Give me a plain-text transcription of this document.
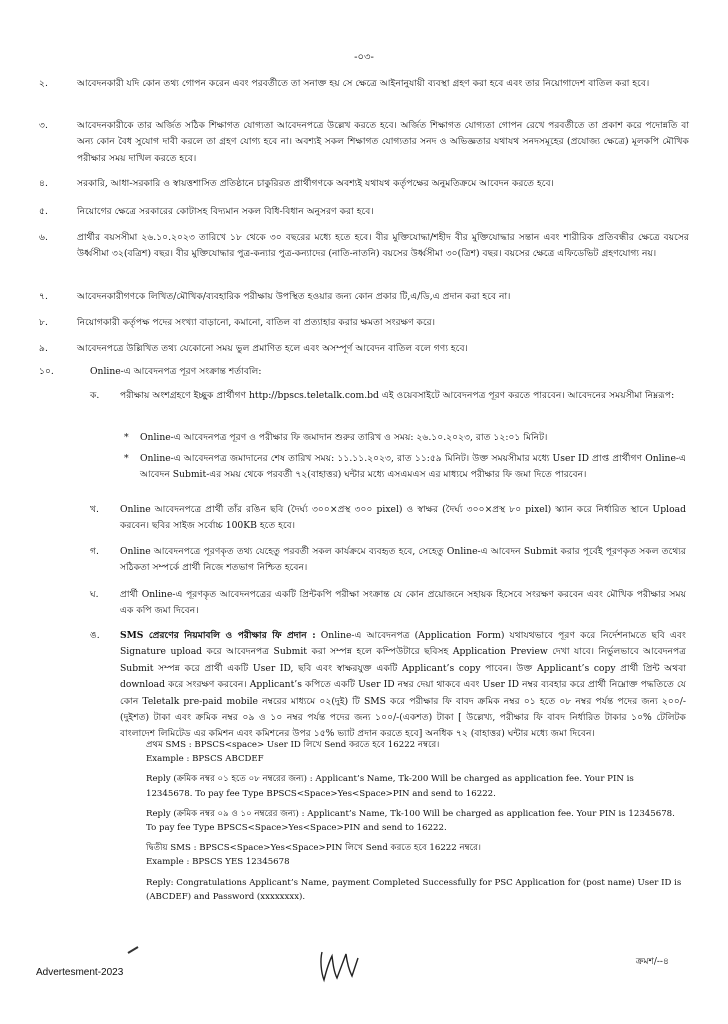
-০৩-
২.	আবেদনকারী যদি কোন তথ্য গোপন করেন এবং পরবর্তীতে তা সনাক্ত হয় সে ক্ষেত্রে আইনানুযায়ী ব্যবস্থা গ্রহণ করা হবে এবং তার নিয়োগাদেশ বাতিল করা হবে।
৩.	আবেদনকারীকে তার অর্জিত সঠিক শিক্ষাগত যোগ্যতা আবেদনপত্রে উল্লেখ করতে হবে। অর্জিত শিক্ষাগত যোগ্যতা গোপন রেখে পরবর্তীতে তা প্রকাশ করে পদোন্নতি বা অন্য কোন বৈধ সুযোগ দাবী করলে তা গ্রহণ যোগ্য হবে না। অবশ্যই সকল শিক্ষাগত যোগ্যতার সনদ ও অভিজ্ঞতার যথাযথ সনদসমূহের (প্রযোজ্য ক্ষেত্রে) মূলকপি মৌখিক পরীক্ষার সময় দাখিল করতে হবে।
৪.	সরকারি, আধা-সরকারি ও স্বায়ত্তশাসিত প্রতিষ্ঠানে চাকুরিরত প্রার্থীগণকে অবশ্যই যথাযথ কর্তৃপক্ষের অনুমতিক্রমে আবেদন করতে হবে।
৫.	নিয়োগের ক্ষেত্রে সরকারের কোটাসহ বিদ্যমান সকল বিধি-বিধান অনুসরণ করা হবে।
৬.	প্রার্থীর বয়সসীমা ২৬.১০.২০২৩ তারিখে ১৮ থেকে ৩০ বছরের মধ্যে হতে হবে। বীর মুক্তিযোদ্ধা/শহীদ বীর মুক্তিযোদ্ধার সন্তান এবং শারীরিক প্রতিবন্ধীর ক্ষেত্রে বয়সের উর্ধ্বসীমা ৩২(বত্রিশ) বছর। বীর মুক্তিযোদ্ধার পুত্র-কন্যার পুত্র-কন্যাদের (নাতি-নাতনি) বয়সের উর্ধ্বসীমা ৩০(ত্রিশ) বছর। বয়সের ক্ষেত্রে এফিডেভিট গ্রহণযোগ্য নয়।
৭.	আবেদনকারীগণকে লিখিত/মৌখিক/ব্যবহারিক পরীক্ষায় উপস্থিত হওয়ার জন্য কোন প্রকার টি,এ/ডি,এ প্রদান করা হবে না।
৮.	নিয়োগকারী কর্তৃপক্ষ পদের সংখ্যা বাড়ানো, কমানো, বাতিল বা প্রত্যাহার করার ক্ষমতা সংরক্ষণ করে।
৯.	আবেদনপত্রে উল্লিখিত তথ্য যেকোনো সময় ভুল প্রমাণিত হলে এবং অসম্পূর্ণ আবেদন বাতিল বলে গণ্য হবে।
১০.	Online-এ আবেদনপত্র পূরণ সংক্রান্ত শর্তাবলি:
ক. পরীক্ষায় অংশগ্রহণে ইচ্ছুক প্রার্থীগণ http://bpscs.teletalk.com.bd এই ওয়েবসাইটে আবেদনপত্র পূরণ করতে পারবেন। আবেদনের সময়সীমা নিম্নরূপ:
* Online-এ আবেদনপত্র পূরণ ও পরীক্ষার ফি জমাদান শুরুর তারিখ ও সময়: ২৬.১০.২০২৩, রাত ১২:০১ মিনিট।
* Online-এ আবেদনপত্র জমাদানের শেষ তারিখ সময়: ১১.১১.২০২৩, রাত ১১:৫৯ মিনিট। উক্ত সময়সীমার মধ্যে User ID প্রাপ্ত প্রার্থীগণ Online-এ আবেদন Submit-এর সময় থেকে পরবর্তী ৭২(বাহাত্তর) ঘন্টার মধ্যে এসএমএস এর মাধ্যমে পরীক্ষার ফি জমা দিতে পারবেন।
খ. Online আবেদনপত্রে প্রার্থী তাঁর রঙিন ছবি (দৈর্ঘ্য ৩০০×প্রস্থ ৩০০ pixel) ও স্বাক্ষর (দৈর্ঘ্য ৩০০×প্রস্থ ৮০ pixel) স্ক্যান করে নির্ধারিত স্থানে Upload করবেন। ছবির সাইজ সর্বোচ্চ 100KB হতে হবে।
গ. Online আবেদনপত্রে পূরণকৃত তথ্য যেহেতু পরবর্তী সকল কার্যক্রমে ব্যবহৃত হবে, সেহেতু Online-এ আবেদন Submit করার পূর্বেই পূরণকৃত সকল তথ্যের সঠিকতা সম্পর্কে প্রার্থী নিজে শতভাগ নিশ্চিত হবেন।
ঘ. প্রার্থী Online-এ পূরণকৃত আবেদনপত্রের একটি প্রিন্টকপি পরীক্ষা সংক্রান্ত যে কোন প্রয়োজনে সহায়ক হিসেবে সংরক্ষণ করবেন এবং মৌখিক পরীক্ষার সময় এক কপি জমা দিবেন।
ঙ. SMS প্রেরণের নিয়মাবলি ও পরীক্ষার ফি প্রদান : Online-এ আবেদনপত্র (Application Form) যথাযথভাবে পূরণ করে নির্দেশনামতে ছবি এবং Signature upload করে আবেদনপত্র Submit করা সম্পন্ন হলে কম্পিউটারে ছবিসহ Application Preview দেখা যাবে। নির্ভুলভাবে আবেদনপত্র Submit সম্পন্ন করে প্রার্থী একটি User ID, ছবি এবং স্বাক্ষরযুক্ত একটি Applicant’s copy পাবেন। উক্ত Applicant’s copy প্রার্থী প্রিন্ট অথবা download করে সংরক্ষণ করবেন। Applicant’s কপিতে একটি User ID নম্বর দেয়া থাকবে এবং User ID নম্বর ব্যবহার করে প্রার্থী নিম্নোক্ত পদ্ধতিতে যে কোন Teletalk pre-paid mobile নম্বরের মাধ্যমে ০২(দুই) টি SMS করে পরীক্ষার ফি বাবদ ক্রমিক নম্বর ০১ হতে ০৮ নম্বর পর্যন্ত পদের জন্য ২০০/-(দুইশত) টাকা এবং ক্রমিক নম্বর ০৯ ও ১০ নম্বর পর্যন্ত পদের জন্য ১০০/-(একশত) টাকা [ উল্লেখ্য, পরীক্ষার ফি বাবদ নির্ধারিত টাকার ১০% টেলিটক বাংলাদেশ লিমিটেড এর কমিশন এবং কমিশনের উপর ১৫% ভ্যাট প্রদান করতে হবে] অনধিক ৭২ (বাহাত্তর) ঘন্টার মধ্যে জমা দিবেন।
প্রথম SMS : BPSCS<space> User ID লিখে Send করতে হবে 16222 নম্বরে।
Example : BPSCS ABCDEF
Reply (ক্রমিক নম্বর ০১ হতে ০৮ নম্বরের জন্য) : Applicant’s Name, Tk-200 Will be charged as application fee. Your PIN is 12345678. To pay fee Type BPSCS<Space>Yes<Space>PIN and send to 16222.
Reply (ক্রমিক নম্বর ০৯ ও ১০ নম্বরের জন্য) : Applicant’s Name, Tk-100 Will be charged as application fee. Your PIN is 12345678. To pay fee Type BPSCS<Space>Yes<Space>PIN and send to 16222.
দ্বিতীয় SMS : BPSCS<Space>Yes<Space>PIN লিখে Send করতে হবে 16222 নম্বরে।
Example : BPSCS YES 12345678
Reply: Congratulations Applicant’s Name, payment Completed Successfully for PSC Application for (post name) User ID is (ABCDEF) and Password (xxxxxxxx).
Advertesment-2023
ক্রমশ/--৪
